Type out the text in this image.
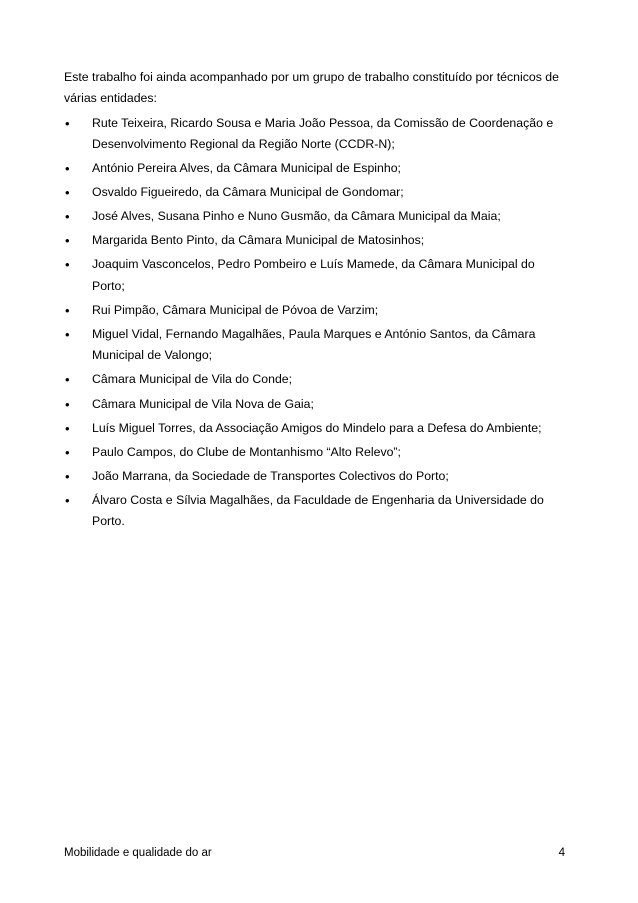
Este trabalho foi ainda acompanhado por um grupo de trabalho constituído por técnicos de várias entidades:

• Rute Teixeira, Ricardo Sousa e Maria João Pessoa, da Comissão de Coordenação e Desenvolvimento Regional da Região Norte (CCDR-N);
• António Pereira Alves, da Câmara Municipal de Espinho;
• Osvaldo Figueiredo, da Câmara Municipal de Gondomar;
• José Alves, Susana Pinho e Nuno Gusmão, da Câmara Municipal da Maia;
• Margarida Bento Pinto, da Câmara Municipal de Matosinhos;
• Joaquim Vasconcelos, Pedro Pombeiro e Luís Mamede, da Câmara Municipal do Porto;
• Rui Pimpão, Câmara Municipal de Póvoa de Varzim;
• Miguel Vidal, Fernando Magalhães, Paula Marques e António Santos, da Câmara Municipal de Valongo;
• Câmara Municipal de Vila do Conde;
• Câmara Municipal de Vila Nova de Gaia;
• Luís Miguel Torres, da Associação Amigos do Mindelo para a Defesa do Ambiente;
• Paulo Campos, do Clube de Montanhismo “Alto Relevo”;
• João Marrana, da Sociedade de Transportes Colectivos do Porto;
• Álvaro Costa e Sílvia Magalhães, da Faculdade de Engenharia da Universidade do Porto.
Mobilidade e qualidade do ar	4
